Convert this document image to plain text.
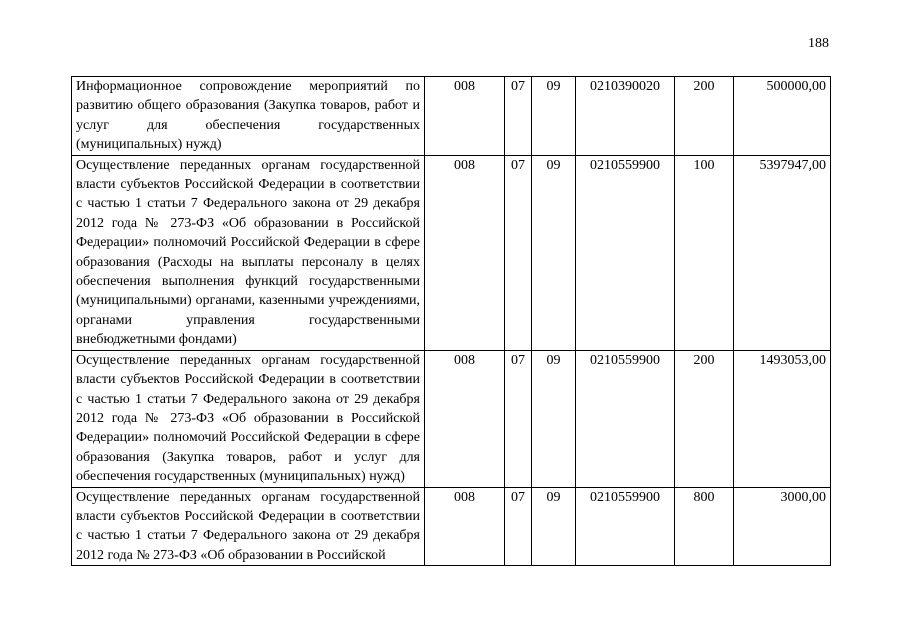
188
Информационное сопровождение мероприятий по развитию общего образования (Закупка товаров, работ и услуг для обеспечения государственных (муниципальных) нужд)	008	07	09	0210390020	200	500000,00
Осуществление переданных органам государственной власти субъектов Российской Федерации в соответствии с частью 1 статьи 7 Федерального закона от 29 декабря 2012 года № 273-ФЗ «Об образовании в Российской Федерации» полномочий Российской Федерации в сфере образования (Расходы на выплаты персоналу в целях обеспечения выполнения функций государственными (муниципальными) органами, казенными учреждениями, органами управления государственными внебюджетными фондами)	008	07	09	0210559900	100	5397947,00
Осуществление переданных органам государственной власти субъектов Российской Федерации в соответствии с частью 1 статьи 7 Федерального закона от 29 декабря 2012 года № 273-ФЗ «Об образовании в Российской Федерации» полномочий Российской Федерации в сфере образования (Закупка товаров, работ и услуг для обеспечения государственных (муниципальных) нужд)	008	07	09	0210559900	200	1493053,00
Осуществление переданных органам государственной власти субъектов Российской Федерации в соответствии с частью 1 статьи 7 Федерального закона от 29 декабря 2012 года № 273-ФЗ «Об образовании в Российской	008	07	09	0210559900	800	3000,00
